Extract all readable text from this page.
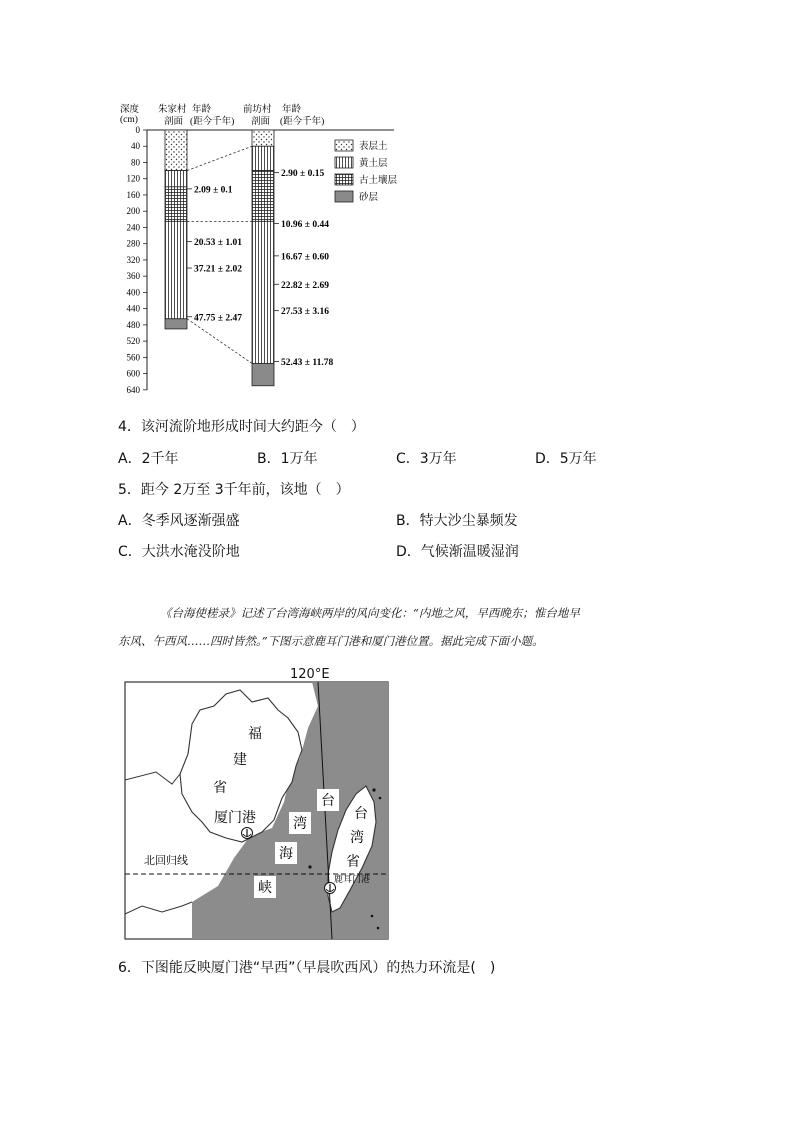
深度
(cm)
朱家村
剖面
年龄
(距今千年)
前坊村
剖面
年龄
(距今千年)
0
40
80
120
160
200
240
280
320
360
400
440
480
520
560
600
640
2.09 ± 0.1
20.53 ± 1.01
37.21 ± 2.02
47.75 ± 2.47
2.90 ± 0.15
10.96 ± 0.44
16.67 ± 0.60
22.82 ± 2.69
27.53 ± 3.16
52.43 ± 11.78
表层土
黄土层
古土壤层
砂层
4．该河流阶地形成时间大约距今（　）
A．2千年	B．1万年	C．3万年	D．5万年
5．距今 2万至 3千年前，该地（　）
A．冬季风逐渐强盛	B．特大沙尘暴频发
C．大洪水淹没阶地	D．气候渐温暖湿润
《台海使槎录》记述了台湾海峡两岸的风向变化：“内地之风，早西晚东；惟台地早
东风、午西风……四时皆然。”下图示意鹿耳门港和厦门港位置。据此完成下面小题。
120°E
福
建
省
厦门港
台
湾
海
峡
台
湾
省
鹿耳门港
北回归线
6．下图能反映厦门港“早西”（早晨吹西风）的热力环流是(　)
